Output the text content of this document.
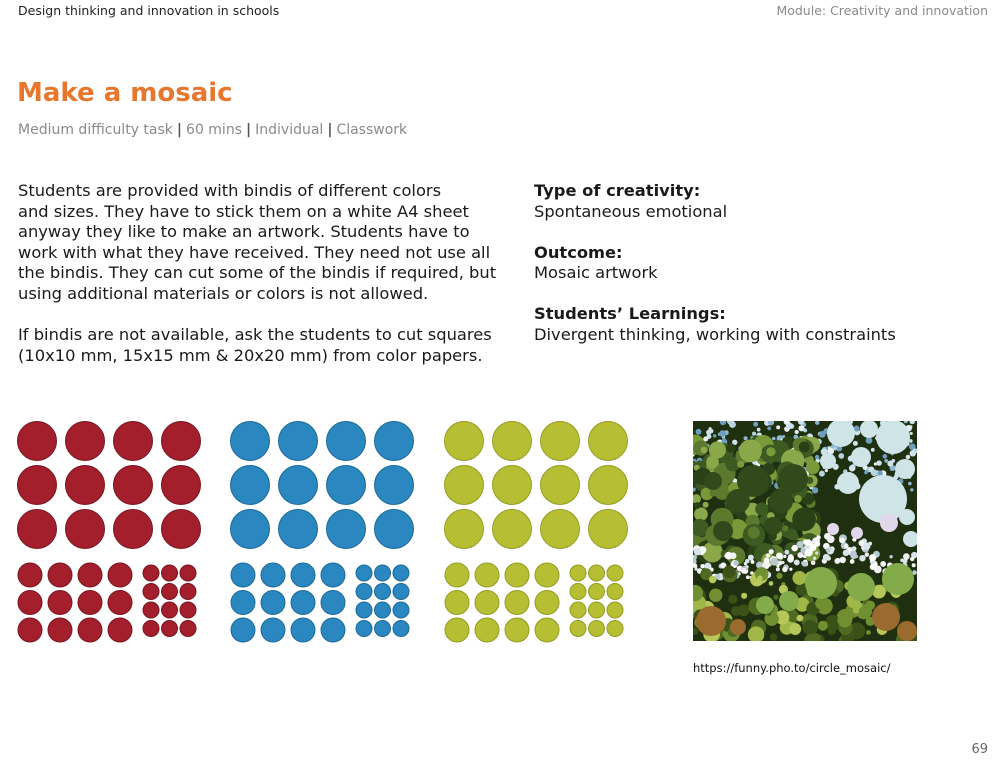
Design thinking and innovation in schools	Module: Creativity and innovation
Make a mosaic
Medium difficulty task | 60 mins | Individual | Classwork

Students are provided with bindis of different colors
and sizes. They have to stick them on a white A4 sheet
anyway they like to make an artwork. Students have to
work with what they have received. They need not use all
the bindis. They can cut some of the bindis if required, but
using additional materials or colors is not allowed.

If bindis are not available, ask the students to cut squares
(10x10 mm, 15x15 mm & 20x20 mm) from color papers.

Type of creativity:
Spontaneous emotional
Outcome:
Mosaic artwork
Students’ Learnings:
Divergent thinking, working with constraints
https://funny.pho.to/circle_mosaic/
69
